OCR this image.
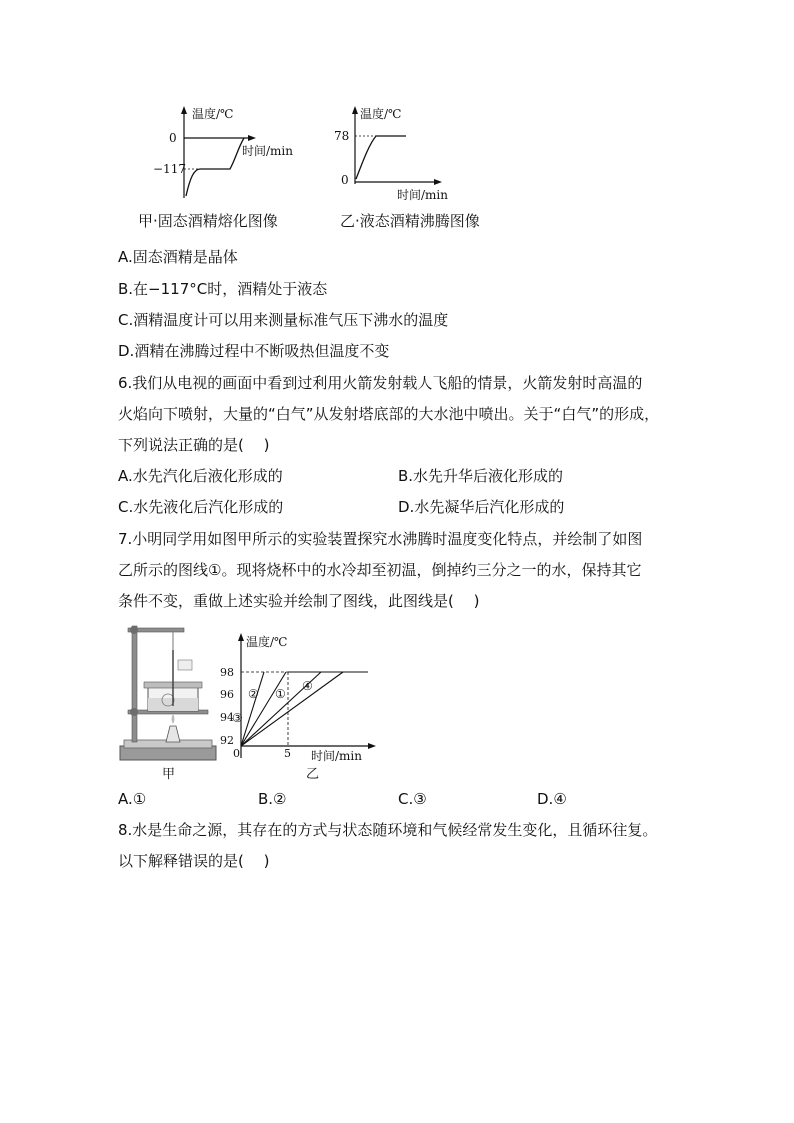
温度/℃
0
−117
时间/min
温度/℃
78
0
时间/min
甲·固态酒精熔化图像	乙·液态酒精沸腾图像
A.固态酒精是晶体
B.在−117°C时，酒精处于液态
C.酒精温度计可以用来测量标准气压下沸水的温度
D.酒精在沸腾过程中不断吸热但温度不变
6.我们从电视的画面中看到过利用火箭发射载人飞船的情景，火箭发射时高温的
火焰向下喷射，大量的“白气”从发射塔底部的大水池中喷出。关于“白气”的形成，
下列说法正确的是(　 )
A.水先汽化后液化形成的	B.水先升华后液化形成的
C.水先液化后汽化形成的	D.水先凝华后汽化形成的
7.小明同学用如图甲所示的实验装置探究水沸腾时温度变化特点，并绘制了如图
乙所示的图线①。现将烧杯中的水冷却至初温，倒掉约三分之一的水，保持其它
条件不变，重做上述实验并绘制了图线，此图线是(　 )
温度/℃
时间/min
98
96
94
92
0	5
①
②
③
④
甲	乙
A.①	B.②	C.③	D.④
8.水是生命之源，其存在的方式与状态随环境和气候经常发生变化，且循环往复。
以下解释错误的是(　 )
